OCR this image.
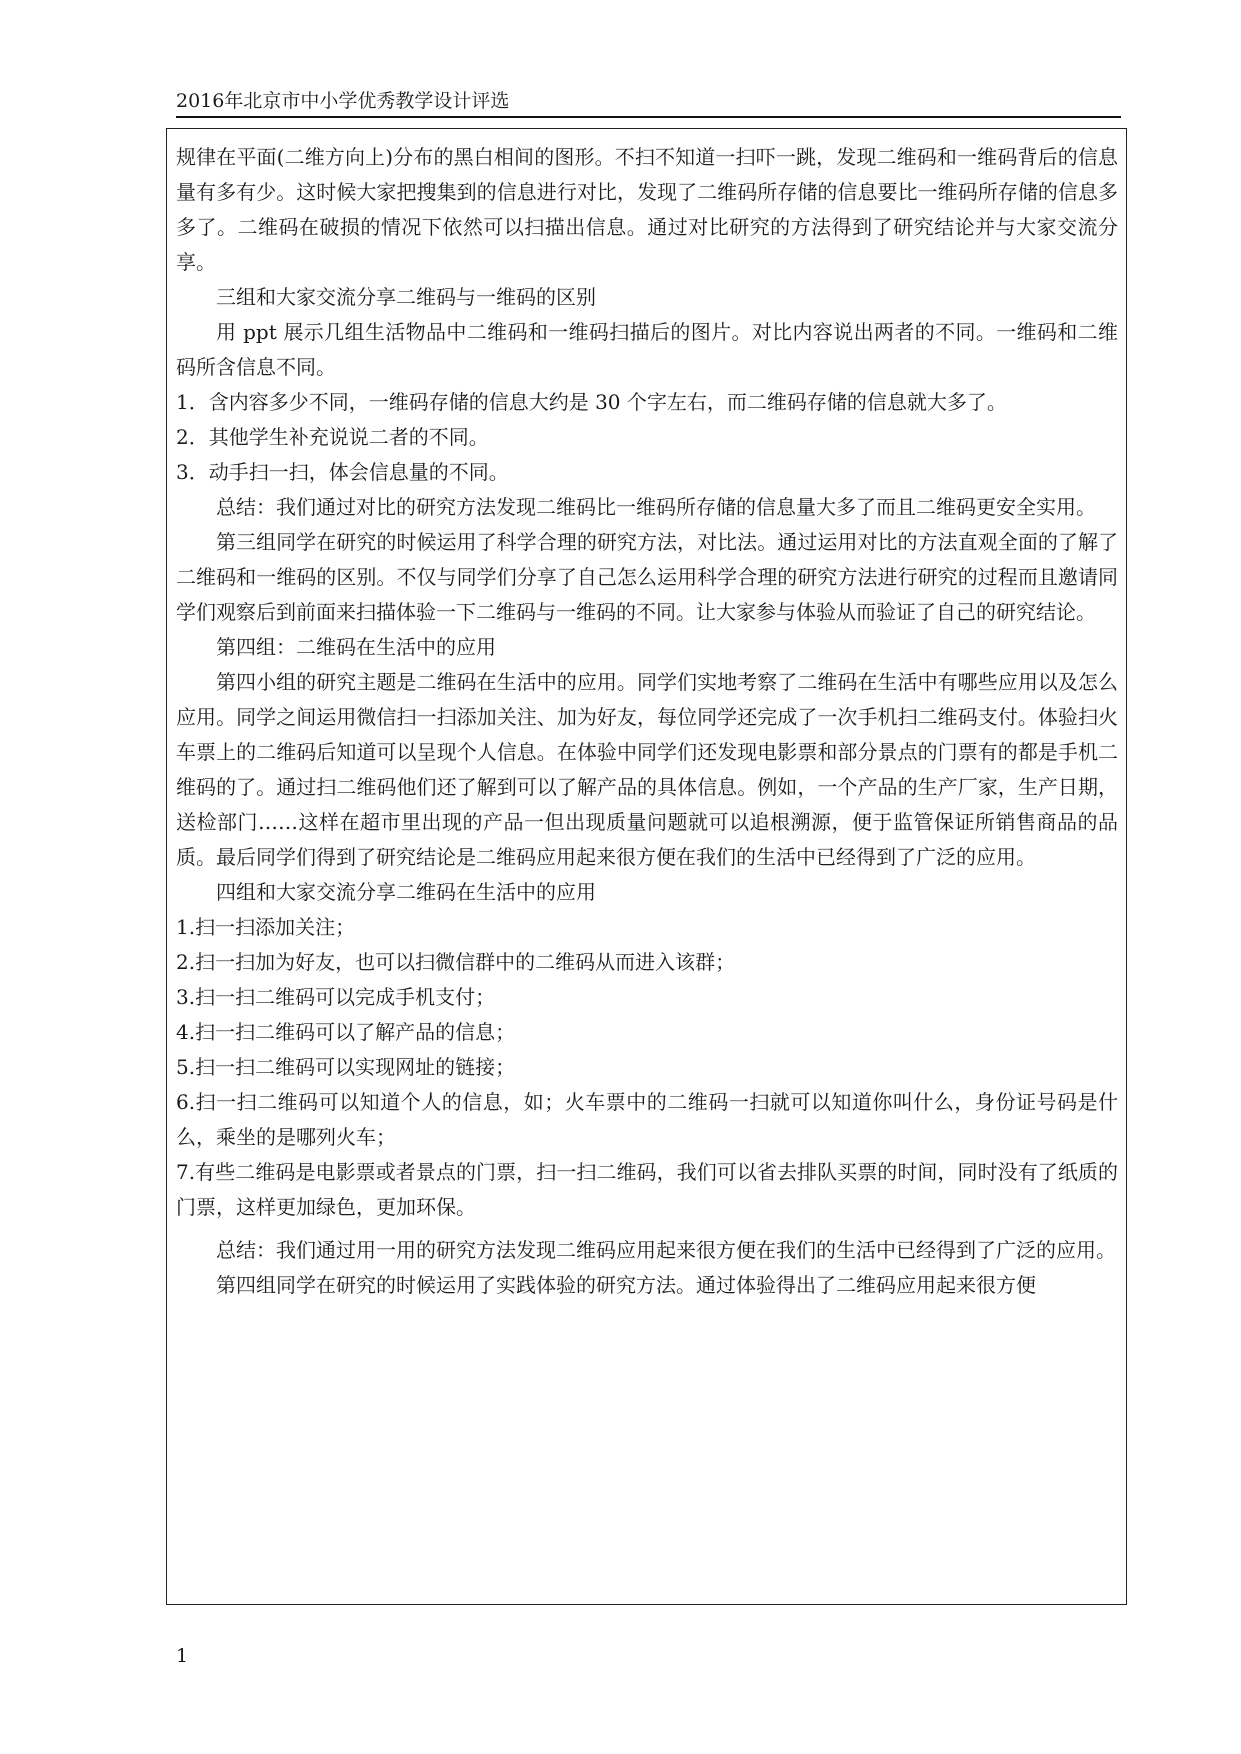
2016年北京市中小学优秀教学设计评选

规律在平面(二维方向上)分布的黑白相间的图形。不扫不知道一扫吓一跳，发现二维码和一维码背后的信息量有多有少。这时候大家把搜集到的信息进行对比，发现了二维码所存储的信息要比一维码所存储的信息多多了。二维码在破损的情况下依然可以扫描出信息。通过对比研究的方法得到了研究结论并与大家交流分享。

三组和大家交流分享二维码与一维码的区别

用 ppt 展示几组生活物品中二维码和一维码扫描后的图片。对比内容说出两者的不同。一维码和二维码所含信息不同。

1．含内容多少不同，一维码存储的信息大约是 30 个字左右，而二维码存储的信息就大多了。

2．其他学生补充说说二者的不同。

3．动手扫一扫，体会信息量的不同。

总结：我们通过对比的研究方法发现二维码比一维码所存储的信息量大多了而且二维码更安全实用。

第三组同学在研究的时候运用了科学合理的研究方法，对比法。通过运用对比的方法直观全面的了解了二维码和一维码的区别。不仅与同学们分享了自己怎么运用科学合理的研究方法进行研究的过程而且邀请同学们观察后到前面来扫描体验一下二维码与一维码的不同。让大家参与体验从而验证了自己的研究结论。

第四组：二维码在生活中的应用

第四小组的研究主题是二维码在生活中的应用。同学们实地考察了二维码在生活中有哪些应用以及怎么应用。同学之间运用微信扫一扫添加关注、加为好友，每位同学还完成了一次手机扫二维码支付。体验扫火车票上的二维码后知道可以呈现个人信息。在体验中同学们还发现电影票和部分景点的门票有的都是手机二维码的了。通过扫二维码他们还了解到可以了解产品的具体信息。例如，一个产品的生产厂家，生产日期，送检部门……这样在超市里出现的产品一但出现质量问题就可以追根溯源，便于监管保证所销售商品的品质。最后同学们得到了研究结论是二维码应用起来很方便在我们的生活中已经得到了广泛的应用。

四组和大家交流分享二维码在生活中的应用

1.扫一扫添加关注；

2.扫一扫加为好友，也可以扫微信群中的二维码从而进入该群；

3.扫一扫二维码可以完成手机支付；

4.扫一扫二维码可以了解产品的信息；

5.扫一扫二维码可以实现网址的链接；

6.扫一扫二维码可以知道个人的信息，如；火车票中的二维码一扫就可以知道你叫什么，身份证号码是什么，乘坐的是哪列火车；

7.有些二维码是电影票或者景点的门票，扫一扫二维码，我们可以省去排队买票的时间，同时没有了纸质的门票，这样更加绿色，更加环保。

总结：我们通过用一用的研究方法发现二维码应用起来很方便在我们的生活中已经得到了广泛的应用。

第四组同学在研究的时候运用了实践体验的研究方法。通过体验得出了二维码应用起来很方便

1
